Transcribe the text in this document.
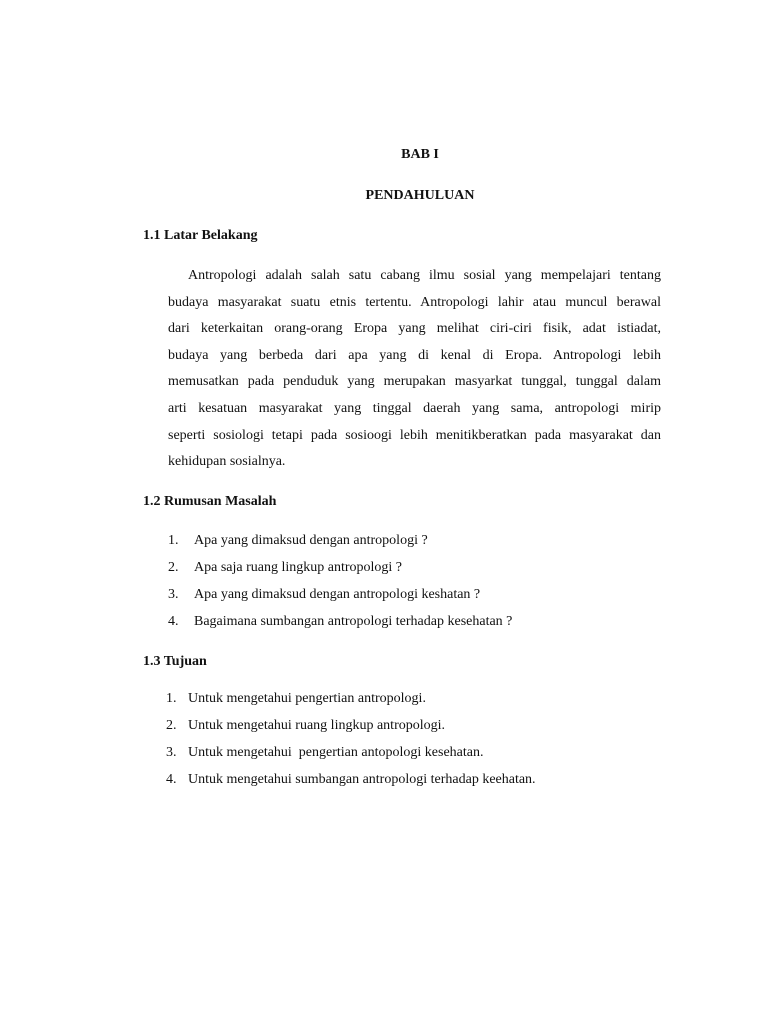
BAB I
PENDAHULUAN
1.1 Latar Belakang

Antropologi adalah salah satu cabang ilmu sosial yang mempelajari tentang
budaya masyarakat suatu etnis tertentu. Antropologi lahir atau muncul berawal
dari keterkaitan orang-orang Eropa yang melihat ciri-ciri fisik, adat istiadat,
budaya yang berbeda dari apa yang di kenal di Eropa. Antropologi lebih
memusatkan pada penduduk yang merupakan masyarkat tunggal, tunggal dalam
arti kesatuan masyarakat yang tinggal daerah yang sama, antropologi mirip
seperti sosiologi tetapi pada sosioogi lebih menitikberatkan pada masyarakat dan
kehidupan sosialnya.

1.2 Rumusan Masalah
1. Apa yang dimaksud dengan antropologi ?
2. Apa saja ruang lingkup antropologi ?
3. Apa yang dimaksud dengan antropologi keshatan ?
4. Bagaimana sumbangan antropologi terhadap kesehatan ?
1.3 Tujuan
1. Untuk mengetahui pengertian antropologi.
2. Untuk mengetahui ruang lingkup antropologi.
3. Untuk mengetahui  pengertian antopologi kesehatan.
4. Untuk mengetahui sumbangan antropologi terhadap keehatan.
